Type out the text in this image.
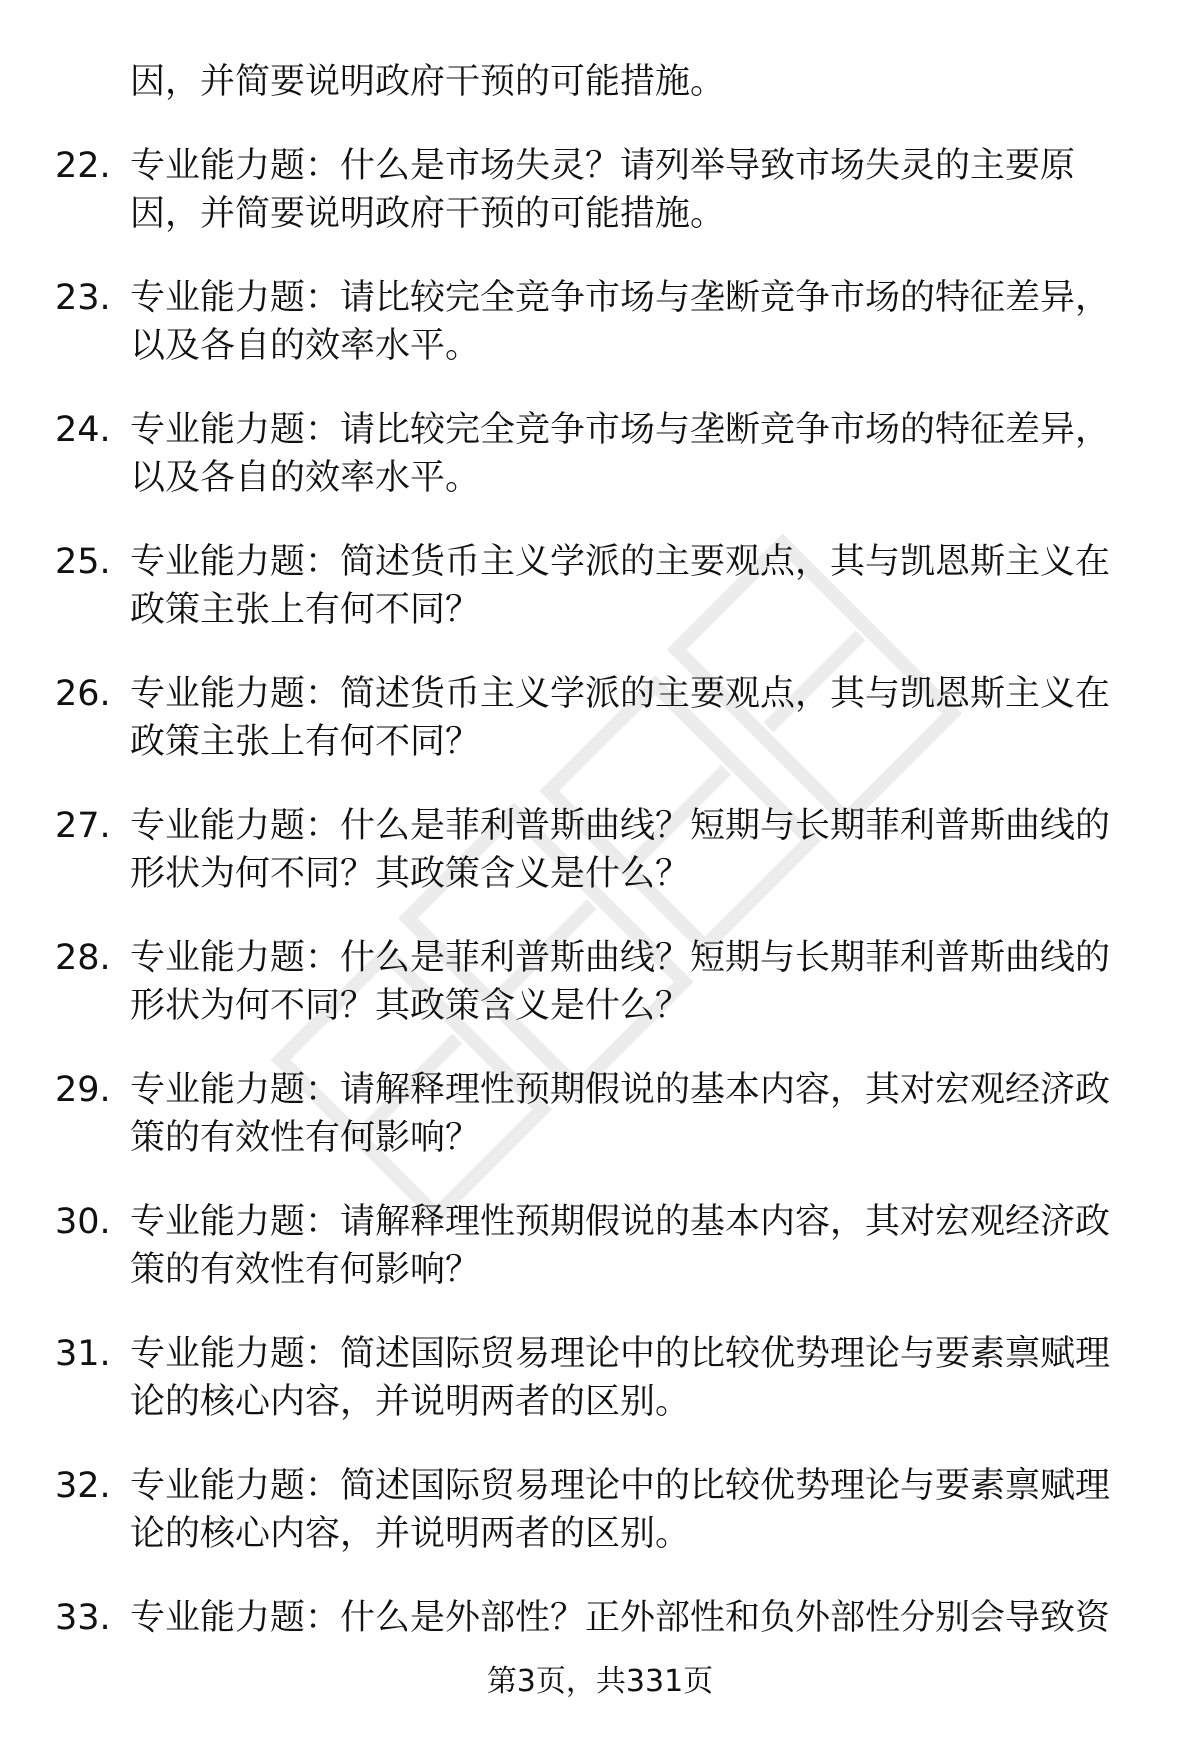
因，并简要说明政府干预的可能措施。
22. 专业能力题：什么是市场失灵？请列举导致市场失灵的主要原
因，并简要说明政府干预的可能措施。
23. 专业能力题：请比较完全竞争市场与垄断竞争市场的特征差异，
以及各自的效率水平。
24. 专业能力题：请比较完全竞争市场与垄断竞争市场的特征差异，
以及各自的效率水平。
25. 专业能力题：简述货币主义学派的主要观点，其与凯恩斯主义在
政策主张上有何不同？
26. 专业能力题：简述货币主义学派的主要观点，其与凯恩斯主义在
政策主张上有何不同？
27. 专业能力题：什么是菲利普斯曲线？短期与长期菲利普斯曲线的
形状为何不同？其政策含义是什么？
28. 专业能力题：什么是菲利普斯曲线？短期与长期菲利普斯曲线的
形状为何不同？其政策含义是什么？
29. 专业能力题：请解释理性预期假说的基本内容，其对宏观经济政
策的有效性有何影响？
30. 专业能力题：请解释理性预期假说的基本内容，其对宏观经济政
策的有效性有何影响？
31. 专业能力题：简述国际贸易理论中的比较优势理论与要素禀赋理
论的核心内容，并说明两者的区别。
32. 专业能力题：简述国际贸易理论中的比较优势理论与要素禀赋理
论的核心内容，并说明两者的区别。
33. 专业能力题：什么是外部性？正外部性和负外部性分别会导致资
第3页，共331页
